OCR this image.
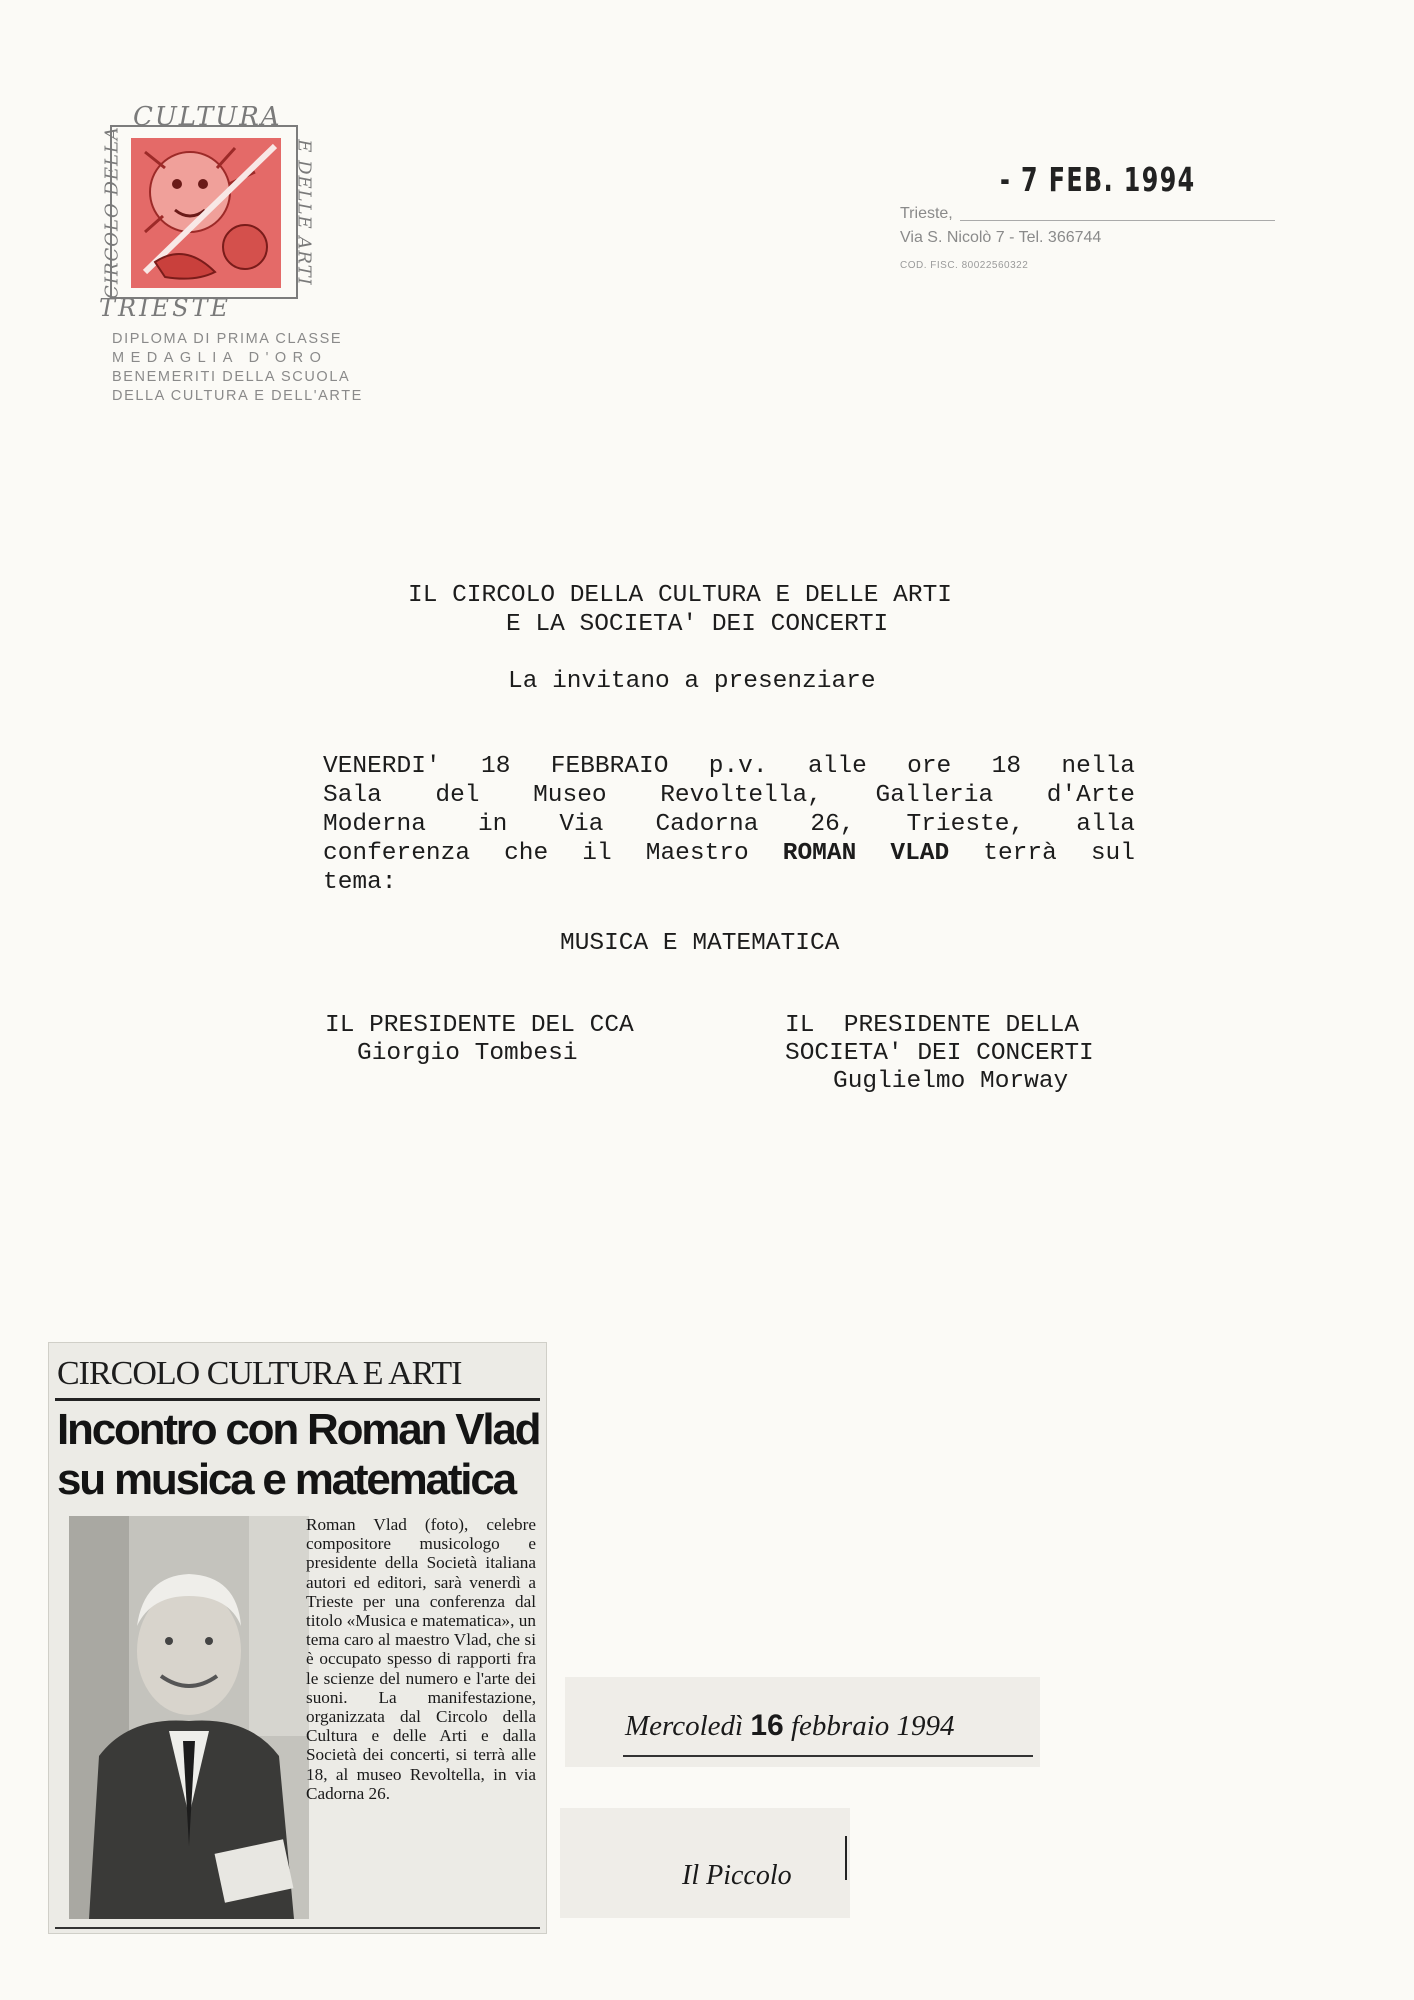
CULTURA
TRIESTE
CIRCOLO DELLA	E DELLE ARTI
DIPLOMA DI PRIMA CLASSE
MEDAGLIA D'ORO
BENEMERITI DELLA SCUOLA
DELLA CULTURA E DELL'ARTE
- 7 FEB. 1994
Trieste,
Via S. Nicolò 7 - Tel. 366744
COD. FISC. 80022560322
IL CIRCOLO DELLA CULTURA E DELLE ARTI
E LA SOCIETA' DEI CONCERTI
La invitano a presenziare
VENERDI' 18 FEBBRAIO p.v. alle ore 18 nella
Sala del Museo Revoltella, Galleria d'Arte
Moderna in Via Cadorna 26, Trieste, alla
conferenza che il Maestro ROMAN VLAD terrà sul
tema:
MUSICA E MATEMATICA
IL PRESIDENTE DEL CCA
Giorgio Tombesi
IL  PRESIDENTE DELLA
SOCIETA' DEI CONCERTI
Guglielmo Morway
CIRCOLO CULTURA E ARTI
Incontro con Roman Vlad
su musica e matematica
Roman Vlad (foto), celebre compositore musicologo e presidente della Società italiana autori ed editori, sarà venerdì a Trieste per una conferenza dal titolo «Musica e matematica», un tema caro al maestro Vlad, che si è occupato spesso di rapporti fra le scienze del numero e l'arte dei suoni. La manifestazione, organizzata dal Circolo della Cultura e delle Arti e dalla Società dei concerti, si terrà alle 18, al museo Revoltella, in via Cadorna 26.
Mercoledì 16 febbraio 1994
Il Piccolo
